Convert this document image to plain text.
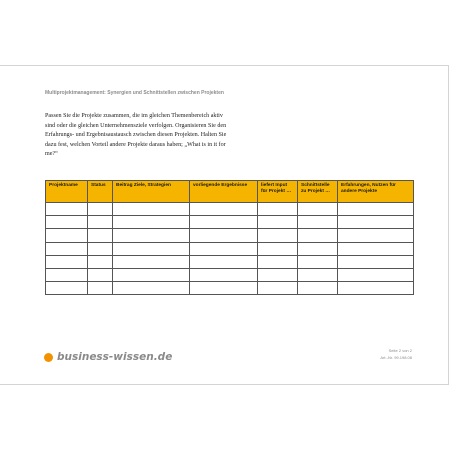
Multiprojektmanagement: Synergien und Schnittstellen zwischen Projekten
Passen Sie die Projekte zusammen, die im gleichen Themenbereich aktiv
sind oder die gleichen Unternehmensziele verfolgen. Organisieren Sie den
Erfahrungs- und Ergebnisaustausch zwischen diesen Projekten. Halten Sie
dazu fest, welchen Vorteil andere Projekte daraus haben; „What is in it for
me?“
Projektname	Status	Beitrag Ziele, Strategien	vorliegende Ergebnisse	liefert Input für Projekt …	Schnittstelle zu Projekt …	Erfahrungen, Nutzen für andere Projekte

business-wissen.de
Seite 2 von 2
Art.-Nr. 99.198.08
